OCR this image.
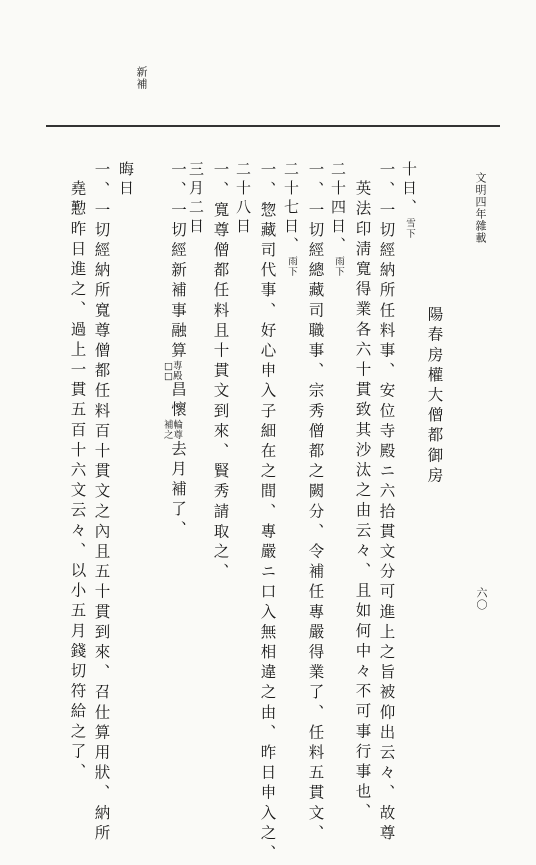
文明四年雜載
六〇
新補
陽春房權大僧都御房
十日、雪下
一、一切經納所任料事、安位寺殿ニ六拾貫文分可進上之旨被仰出云々、故尊
英法印淸寬得業各六十貫致其沙汰之由云々、且如何中々不可事行事也、
二十四日、雨下
一、一切經總藏司職事、宗秀僧都之闕分、令補任專嚴得業了、任料五貫文、
二十七日、雨下
一、惣藏司代事、好心申入子細在之間、專嚴ニ口入無相違之由、昨日申入之、
二十八日
一、寬尊僧都任料且十貫文到來、賢秀請取之、
三月二日
一、一切經新補事融算□專
□殿昌懷補輪
之尊去月補了、
晦日
一、一切經納所寬尊僧都任料百十貫文之內且五十貫到來、召仕算用狀、納所
堯懃昨日進之、過上一貫五百十六文云々、以小五月錢切符給之了、
